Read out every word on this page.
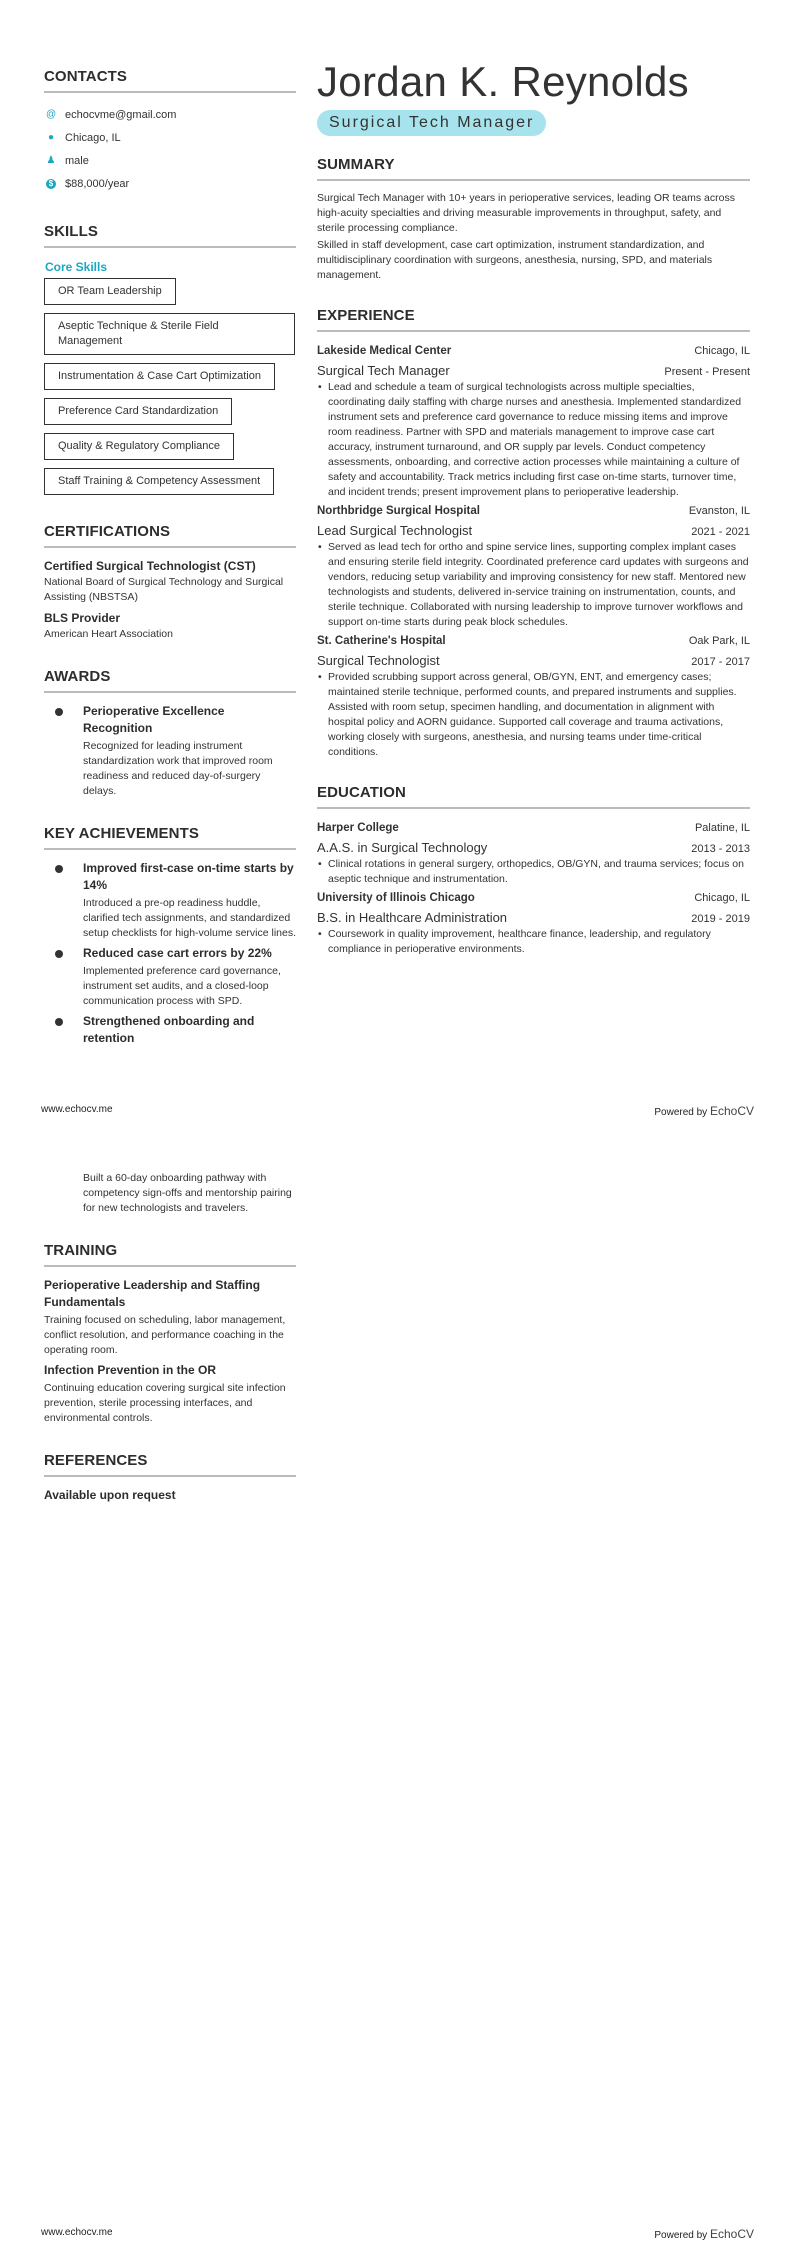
CONTACTS
@ echocvme@gmail.com
● Chicago, IL
♟ male
$ $88,000/year
SKILLS
Core Skills
OR Team Leadership Aseptic Technique & Sterile Field Management Instrumentation & Case Cart Optimization Preference Card Standardization Quality & Regulatory Compliance Staff Training & Competency Assessment
CERTIFICATIONS
Certified Surgical Technologist (CST)
National Board of Surgical Technology and Surgical Assisting (NBSTSA)
BLS Provider
American Heart Association
AWARDS
Perioperative Excellence Recognition
Recognized for leading instrument standardization work that improved room readiness and reduced day-of-surgery delays.
KEY ACHIEVEMENTS
Improved first-case on-time starts by 14%
Introduced a pre-op readiness huddle, clarified tech assignments, and standardized setup checklists for high-volume service lines.
Reduced case cart errors by 22%
Implemented preference card governance, instrument set audits, and a closed-loop communication process with SPD.
Strengthened onboarding and retention
Jordan K. Reynolds
Surgical Tech Manager
SUMMARY
Surgical Tech Manager with 10+ years in perioperative services, leading OR teams across high-acuity specialties and driving measurable improvements in throughput, safety, and sterile processing compliance.
Skilled in staff development, case cart optimization, instrument standardization, and multidisciplinary coordination with surgeons, anesthesia, nursing, SPD, and materials management.
EXPERIENCE
Lakeside Medical Center	Chicago, IL
Surgical Tech Manager	Present - Present
• Lead and schedule a team of surgical technologists across multiple specialties, coordinating daily staffing with charge nurses and anesthesia. Implemented standardized instrument sets and preference card governance to reduce missing items and improve room readiness. Partner with SPD and materials management to improve case cart accuracy, instrument turnaround, and OR supply par levels. Conduct competency assessments, onboarding, and corrective action processes while maintaining a culture of safety and accountability. Track metrics including first case on-time starts, turnover time, and incident trends; present improvement plans to perioperative leadership.
Northbridge Surgical Hospital	Evanston, IL
Lead Surgical Technologist	2021 - 2021
• Served as lead tech for ortho and spine service lines, supporting complex implant cases and ensuring sterile field integrity. Coordinated preference card updates with surgeons and vendors, reducing setup variability and improving consistency for new staff. Mentored new technologists and students, delivered in-service training on instrumentation, counts, and sterile technique. Collaborated with nursing leadership to improve turnover workflows and support on-time starts during peak block schedules.
St. Catherine's Hospital	Oak Park, IL
Surgical Technologist	2017 - 2017
• Provided scrubbing support across general, OB/GYN, ENT, and emergency cases; maintained sterile technique, performed counts, and prepared instruments and supplies. Assisted with room setup, specimen handling, and documentation in alignment with hospital policy and AORN guidance. Supported call coverage and trauma activations, working closely with surgeons, anesthesia, and nursing teams under time-critical conditions.
EDUCATION
Harper College	Palatine, IL
A.A.S. in Surgical Technology	2013 - 2013
• Clinical rotations in general surgery, orthopedics, OB/GYN, and trauma services; focus on aseptic technique and instrumentation.
University of Illinois Chicago	Chicago, IL
B.S. in Healthcare Administration	2019 - 2019
• Coursework in quality improvement, healthcare finance, leadership, and regulatory compliance in perioperative environments.
www.echocv.me	Powered by EchoCV
Built a 60-day onboarding pathway with competency sign-offs and mentorship pairing for new technologists and travelers.
TRAINING
Perioperative Leadership and Staffing Fundamentals
Training focused on scheduling, labor management, conflict resolution, and performance coaching in the operating room.
Infection Prevention in the OR
Continuing education covering surgical site infection prevention, sterile processing interfaces, and environmental controls.
REFERENCES
Available upon request
www.echocv.me	Powered by EchoCV
